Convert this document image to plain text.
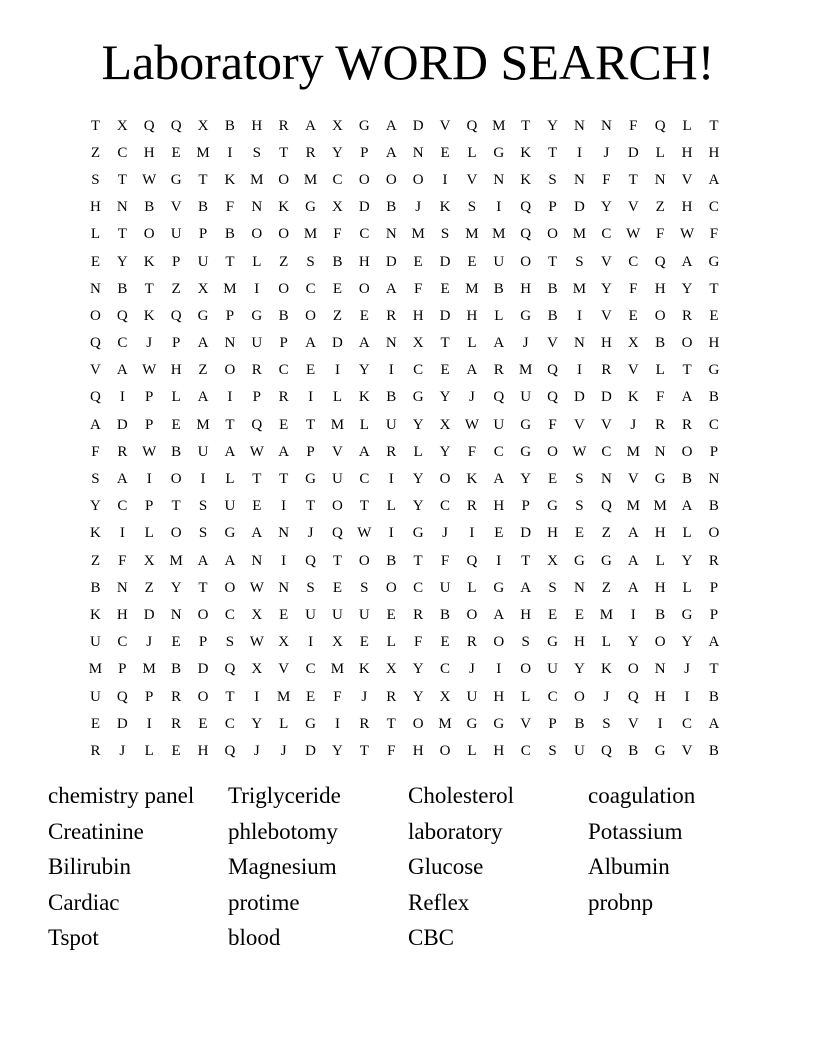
Laboratory WORD SEARCH!
T	X	Q	Q	X	B	H	R	A	X	G	A	D	V	Q M	T	Y	N	N	F	Q	L	T
Z	C	H	E	M	I	S	T	R	Y	P	A	N	E	L	G	K	T	I	J	D	L	H	H
S	T	W G	T	K M O M	C	O	O	O	I	V	N	K	S	N	F	T	N	V	A
H	N	B	V	B	F	N	K	G	X	D	B	J	K	S	I	Q	P	D	Y	V	Z	H	C
L	T	O	U	P	B	O	O M	F	C	N M	S	M M Q	O M	C W	F	W	F
E	Y	K	P	U	T	L	Z	S	B	H	D	E	D	E	U	O	T	S	V	C	Q	A	G
N	B	T	Z	X M	I	O	C	E	O	A	F	E	M	B	H	B	M Y	F	H	Y	T
O	Q	K	Q	G	P	G	B	O	Z	E	R	H	D	H	L	G	B	I	V	E	O	R	E
Q	C	J	P	A	N	U	P	A	D	A	N	X	T	L	A	J	V	N	H	X	B	O	H
V	A W H	Z	O	R	C	E	I	Y	I	C	E	A	R	M Q	I	R	V	L	T	G
Q	I	P	L	A	I	P	R	I	L	K	B	G	Y	J	Q	U	Q	D	D	K	F	A	B
A	D	P	E	M	T	Q	E	T	M	L	U	Y	X W U	G	F	V	V	J	R	R	C
F	R W B	U	A W A	P	V	A	R	L	Y	F	C	G	O W C	M N	O	P
S	A	I	O	I	L	T	T	G	U	C	I	Y	O	K	A	Y	E	S	N	V	G	B	N
Y	C	P	T	S	U	E	I	T	O	T	L	Y	C	R	H	P	G	S	Q M M A	B
K	I	L	O	S	G	A	N	J	Q W	I	G	J	I	E	D	H	E	Z	A	H	L	O
Z	F	X M A	A	N	I	Q	T	O	B	T	F	Q	I	T	X	G	G	A	L	Y	R
B	N	Z	Y	T	O W N	S	E	S	O	C	U	L	G	A	S	N	Z	A	H	L	P
K	H	D	N	O	C	X	E	U	U	U	E	R	B	O	A	H	E	E	M	I	B	G	P
U	C	J	E	P	S	W X	I	X	E	L	F	E	R	O	S	G	H	L	Y	O	Y	A
M	P	M	B	D	Q	X	V	C	M K	X	Y	C	J	I	O	U	Y	K	O	N	J	T
U	Q	P	R	O	T	I	M	E	F	J	R	Y	X	U	H	L	C	O	J	Q	H	I	B
E	D	I	R	E	C	Y	L	G	I	R	T	O M G	G	V	P	B	S	V	I	C	A
R	J	L	E	H	Q	J	J	D	Y	T	F	H	O	L	H	C	S	U	Q	B	G	V	B
chemistry panel	Triglyceride	Cholesterol	coagulation
Creatinine	phlebotomy	laboratory	Potassium
Bilirubin	Magnesium	Glucose	Albumin
Cardiac	protime	Reflex	probnp
Tspot	blood	CBC
